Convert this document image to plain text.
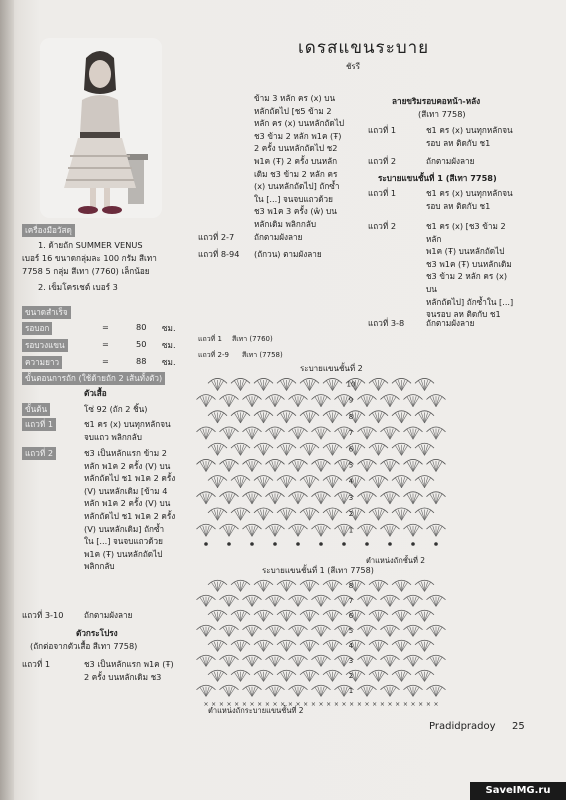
เดรสแขนระบาย
ชัรรี
เครื่องมือวัสดุ
1. ด้ายถัก SUMMER VENUS
เบอร์ 16 ขนาดกลุ่มละ 100 กรัม สีเทา
7758 5 กลุ่ม สีเทา (7760) เล็กน้อย
2. เข็มโครเชต์ เบอร์ 3
ขนาดสำเร็จ
รอบอก	=	80 ซม.
รอบวงแขน	=	50 ซม.
ความยาว	=	88 ซม.
ขั้นตอนการถัก (ใช้ด้ายถัก 2 เส้นทั้งตัว)
ตัวเสื้อ
ขั้นต้น	โซ่ 92 (ถัก 2 ชิ้น)
แถวที่ 1	ช1 คร (x) บนทุกหลักจน
จบแถว พลิกกลับ
แถวที่ 2	ช3 เป็นหลักแรก ข้าม 2
หลัก พ1ค 2 ครั้ง (V) บน
หลักถัดไป ช1 พ1ค 2 ครั้ง
(V) บนหลักเดิม [ข้าม 4
หลัก พ1ค 2 ครั้ง (V) บน
หลักถัดไป ช1 พ1ค 2 ครั้ง
(V) บนหลักเดิม] ถักซ้ำ
ใน [...] จนจบแถวด้วย
พ1ค (Ŧ) บนหลักถัดไป
พลิกกลับ
แถวที่ 3-10	ถักตามผังลาย
ตัวกระโปรง
(ถักต่อจากตัวเสื้อ สีเทา 7758)
แถวที่ 1	ช3 เป็นหลักแรก พ1ค (Ŧ)
2 ครั้ง บนหลักเดิม ช3
ข้าม 3 หลัก คร (x) บน
หลักถัดไป [ช5 ข้าม 2
หลัก คร (x) บนหลักถัดไป
ช3 ข้าม 2 หลัก พ1ค (Ŧ)
2 ครั้ง บนหลักถัดไป ช2
พ1ค (Ŧ) 2 ครั้ง บนหลัก
เดิม ช3 ข้าม 2 หลัก คร
(x) บนหลักถัดไป] ถักซ้ำ
ใน [...] จนจบแถวด้วย
ช3 พ1ค 3 ครั้ง (ŵ) บน
หลักเดิม พลิกกลับ
แถวที่ 2-7 ถักตามผังลาย
แถวที่ 8-94 (ถักวน) ตามผังลาย
แถวที่ 1 สีเทา (7760)
แถวที่ 2-9 สีเทา (7758)
ลายขริมรอบคอหน้า-หลัง
(สีเทา 7758)
แถวที่ 1	ช1 คร (x) บนทุกหลักจน
รอบ ลห ติดกับ ช1
แถวที่ 2	ถักตามผังลาย
ระบายแขนชั้นที่ 1 (สีเทา 7758)
แถวที่ 1	ช1 คร (x) บนทุกหลักจน
รอบ ลห ติดกับ ช1
แถวที่ 2	ช1 คร (x) [ช3 ข้าม 2 หลัก
พ1ค (Ŧ) บนหลักถัดไป
ช3 พ1ค (Ŧ) บนหลักเดิม
ช3 ข้าม 2 หลัก คร (x) บน
หลักถัดไป] ถักซ้ำใน [...]
จนรอบ ลห ติดกับ ช1
แถวที่ 3-8	ถักตามผังลาย
ระบายแขนชั้นที่ 2
1
2
3
4
5
6
7
8
9
10
ตำแหน่งถักชั้นที่ 2
ระบายแขนชั้นที่ 1 (สีเทา 7758)
1
2
3
4
5
6
7
8
× × × × × × × × × × × × × × × × × × × × × × × × × × × × × × ×
ตำแหน่งถักระบายแขนชั้นที่ 2
Pradidpradoy 25
SaveIMG.ru
